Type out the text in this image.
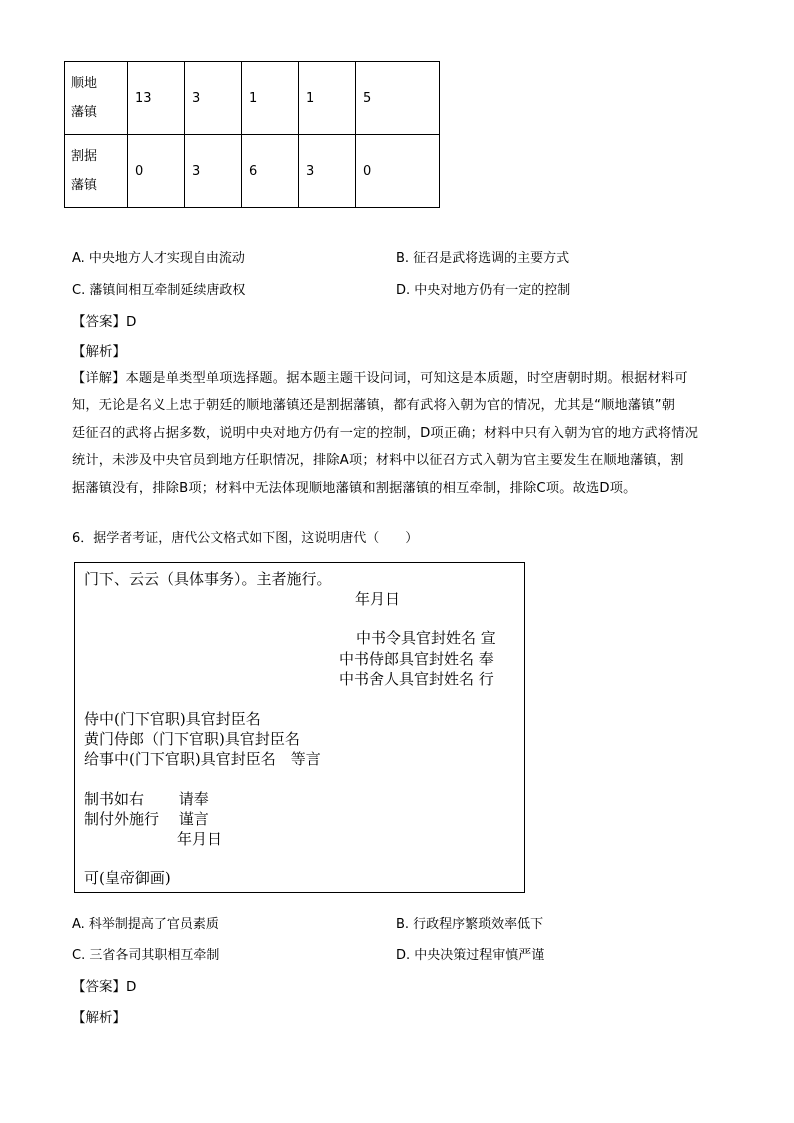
顺地
藩镇	13	3	1	1	5

割据
藩镇	0	3	6	3	0
A. 中央地方人才实现自由流动	B. 征召是武将选调的主要方式
C. 藩镇间相互牵制延续唐政权	D. 中央对地方仍有一定的控制
【答案】D
【解析】
【详解】本题是单类型单项选择题。据本题主题干设问词，可知这是本质题，时空唐朝时期。根据材料可
知，无论是名义上忠于朝廷的顺地藩镇还是割据藩镇，都有武将入朝为官的情况，尤其是“顺地藩镇”朝
廷征召的武将占据多数，说明中央对地方仍有一定的控制，D项正确；材料中只有入朝为官的地方武将情况
统计，未涉及中央官员到地方任职情况，排除A项；材料中以征召方式入朝为官主要发生在顺地藩镇，割
据藩镇没有，排除B项；材料中无法体现顺地藩镇和割据藩镇的相互牵制，排除C项。故选D项。
6．据学者考证，唐代公文格式如下图，这说明唐代（　　）
门下、云云（具体事务）。主者施行。
年月日
中书令具官封姓名 宣
中书侍郎具官封姓名 奉
中书舍人具官封姓名 行
侍中(门下官职)具官封臣名
黄门侍郎（门下官职)具官封臣名
给事中(门下官职)具官封臣名　等言
制书如右　　 请奉
制付外施行　 谨言
年月日
可(皇帝御画)
A. 科举制提高了官员素质	B. 行政程序繁琐效率低下
C. 三省各司其职相互牵制	D. 中央决策过程审慎严谨
【答案】D
【解析】
